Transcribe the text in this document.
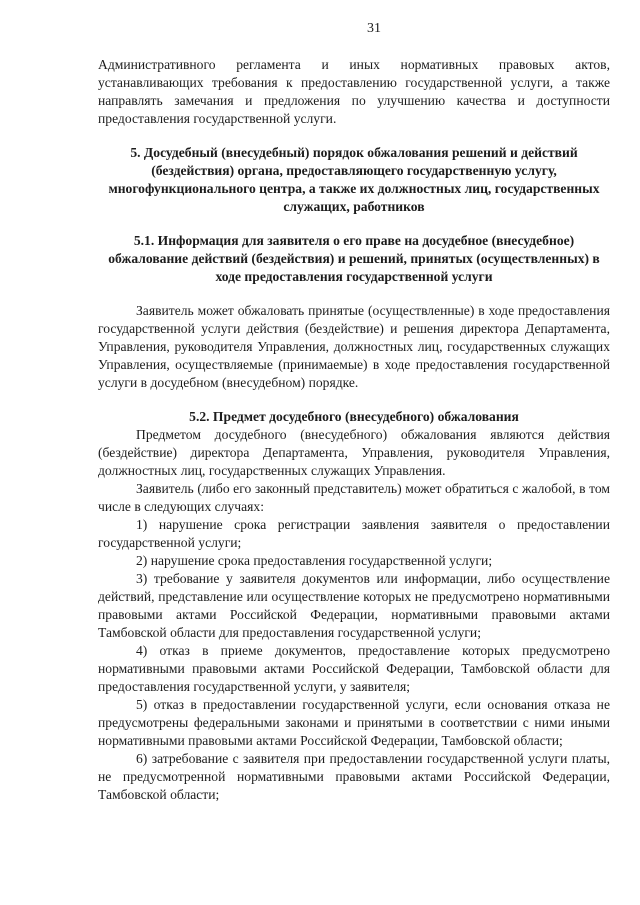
31

Административного регламента и иных нормативных правовых актов, устанавливающих требования к предоставлению государственной услуги, а также направлять замечания и предложения по улучшению качества и доступности предоставления государственной услуги.

5. Досудебный (внесудебный) порядок обжалования решений и действий (бездействия) органа, предоставляющего государственную услугу, многофункционального центра, а также их должностных лиц, государственных служащих, работников

5.1. Информация для заявителя о его праве на досудебное (внесудебное) обжалование действий (бездействия) и решений, принятых (осуществленных) в ходе предоставления государственной услуги

Заявитель может обжаловать принятые (осуществленные) в ходе предоставления государственной услуги действия (бездействие) и решения директора Департамента, Управления, руководителя Управления, должностных лиц, государственных служащих Управления, осуществляемые (принимаемые) в ходе предоставления государственной услуги в досудебном (внесудебном) порядке.

5.2. Предмет досудебного (внесудебного) обжалования

Предметом досудебного (внесудебного) обжалования являются действия (бездействие) директора Департамента, Управления, руководителя Управления, должностных лиц, государственных служащих Управления.

Заявитель (либо его законный представитель) может обратиться с жалобой, в том числе в следующих случаях:

1) нарушение срока регистрации заявления заявителя о предоставлении государственной услуги;

2) нарушение срока предоставления государственной услуги;

3) требование у заявителя документов или информации, либо осуществление действий, представление или осуществление которых не предусмотрено нормативными правовыми актами Российской Федерации, нормативными правовыми актами Тамбовской области для предоставления государственной услуги;

4) отказ в приеме документов, предоставление которых предусмотрено нормативными правовыми актами Российской Федерации, Тамбовской области для предоставления государственной услуги, у заявителя;

5) отказ в предоставлении государственной услуги, если основания отказа не предусмотрены федеральными законами и принятыми в соответствии с ними иными нормативными правовыми актами Российской Федерации, Тамбовской области;

6) затребование с заявителя при предоставлении государственной услуги платы, не предусмотренной нормативными правовыми актами Российской Федерации, Тамбовской области;
